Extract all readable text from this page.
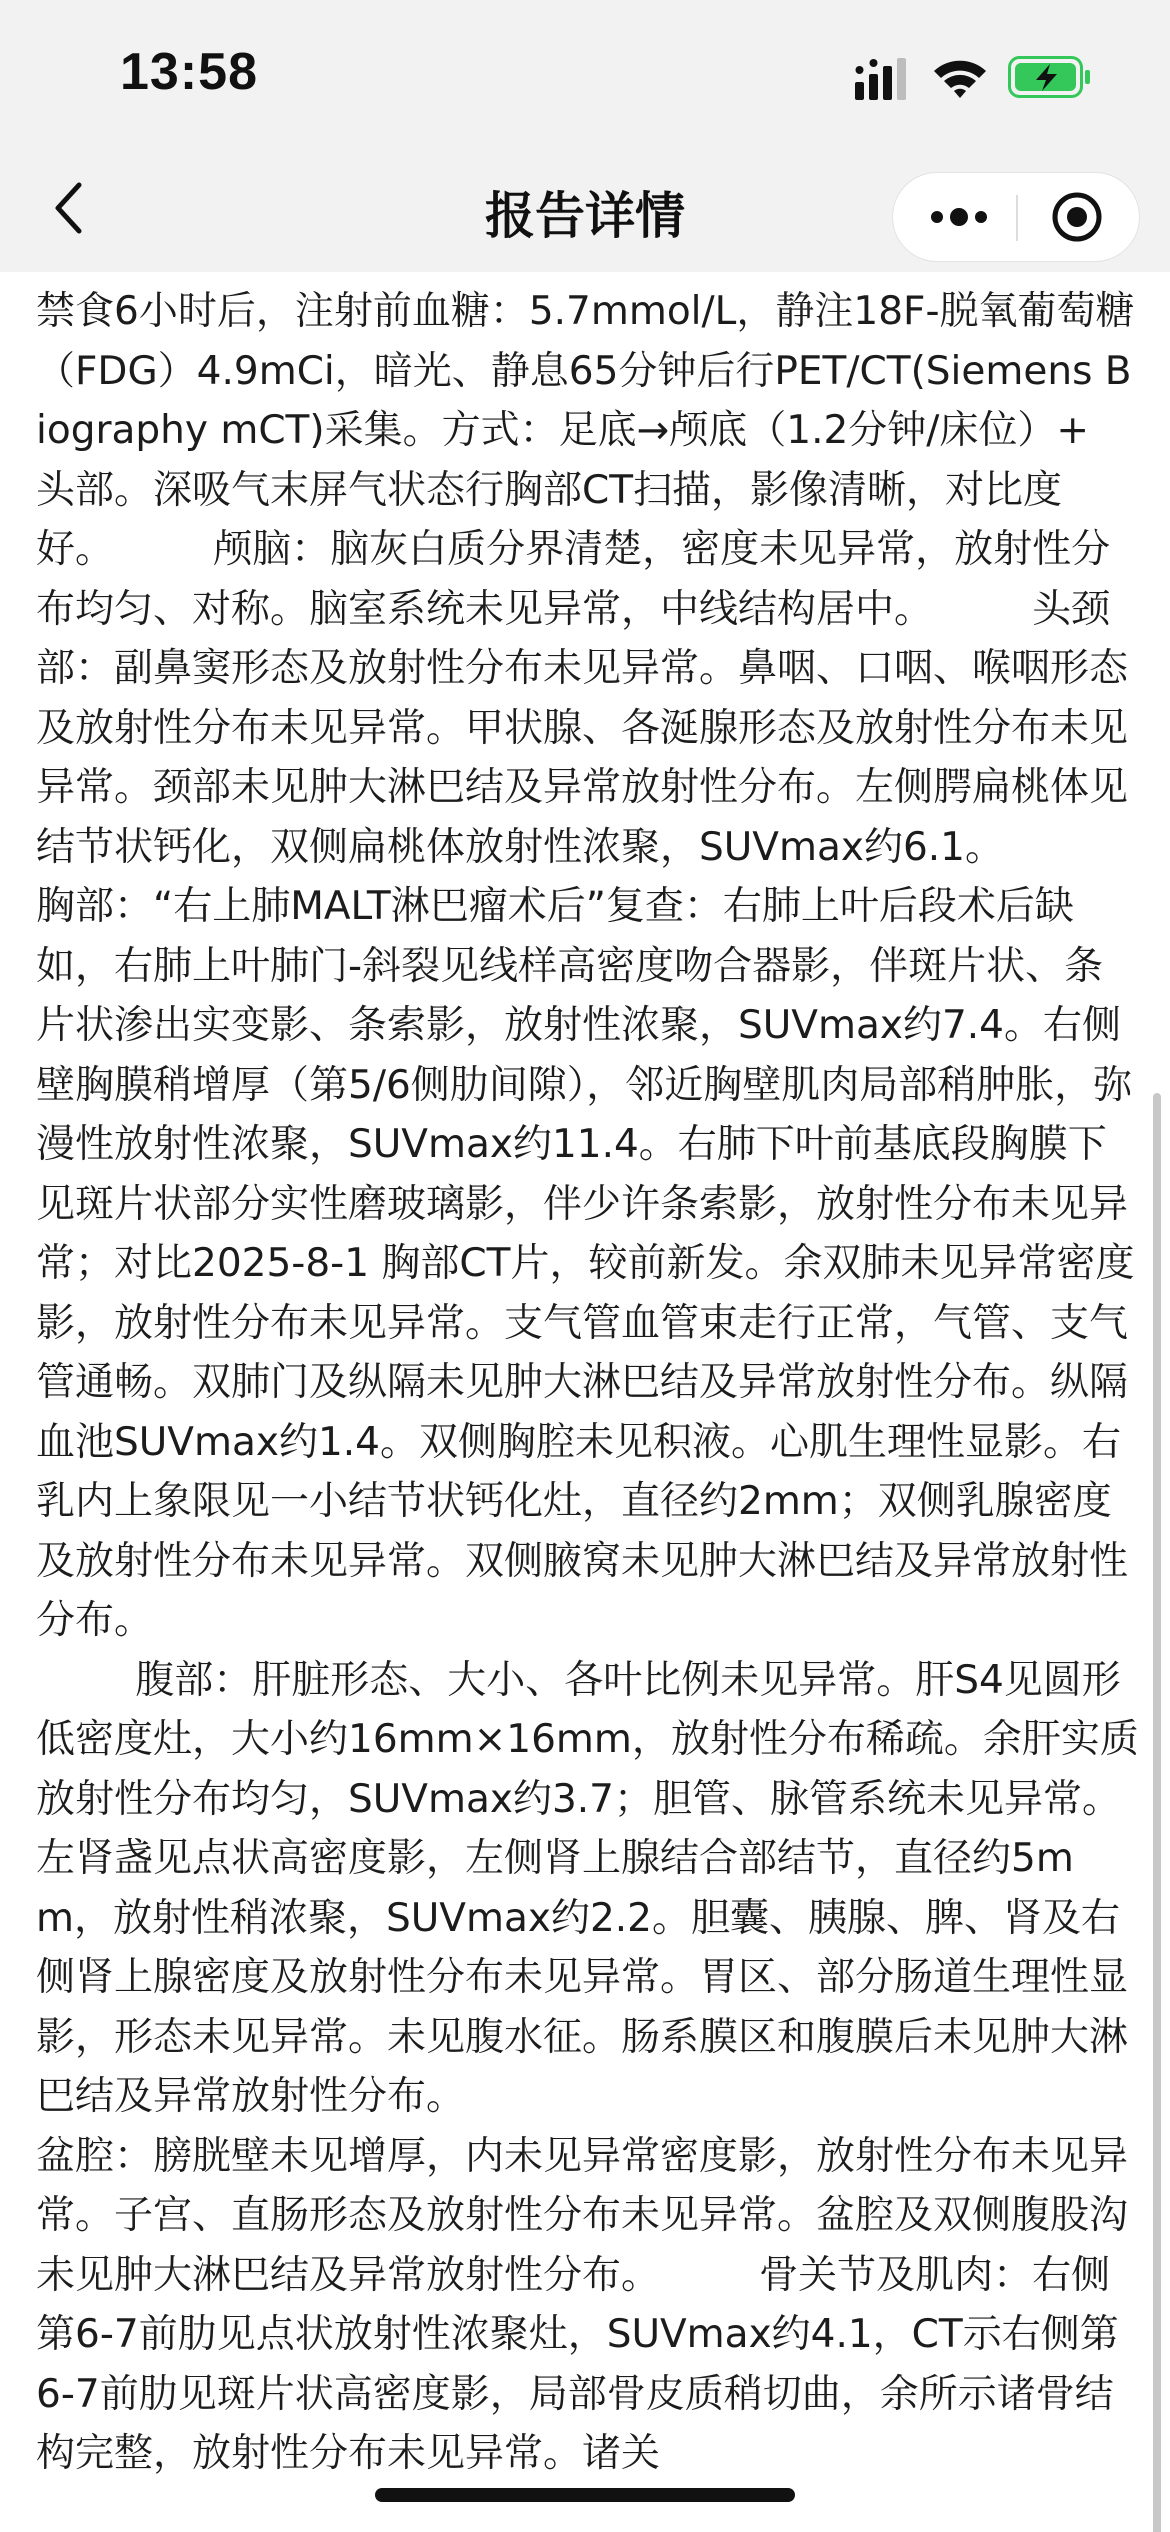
13:58
报告详情

禁食6小时后，注射前血糖：5.7mmol/L，静注18F-脱氧葡萄糖（FDG）4.9mCi，暗光、静息65分钟后行PET/CT(Siemens Biography mCT)采集。方式：足底→颅底（1.2分钟/床位）+ 头部。深吸气末屏气状态行胸部CT扫描，影像清晰，对比度好。        颅脑：脑灰白质分界清楚，密度未见异常，放射性分布均匀、对称。脑室系统未见异常，中线结构居中。        头颈部：副鼻窦形态及放射性分布未见异常。鼻咽、口咽、喉咽形态及放射性分布未见异常。甲状腺、各涎腺形态及放射性分布未见异常。颈部未见肿大淋巴结及异常放射性分布。左侧腭扁桃体见结节状钙化，双侧扁桃体放射性浓聚，SUVmax约6.1。        胸部：“右上肺MALT淋巴瘤术后”复查：右肺上叶后段术后缺如，右肺上叶肺门-斜裂见线样高密度吻合器影，伴斑片状、条片状渗出实变影、条索影，放射性浓聚，SUVmax约7.4。右侧壁胸膜稍增厚（第5/6侧肋间隙），邻近胸壁肌肉局部稍肿胀，弥漫性放射性浓聚，SUVmax约11.4。右肺下叶前基底段胸膜下见斑片状部分实性磨玻璃影，伴少许条索影，放射性分布未见异常；对比2025-8-1 胸部CT片，较前新发。余双肺未见异常密度影，放射性分布未见异常。支气管血管束走行正常，气管、支气管通畅。双肺门及纵隔未见肿大淋巴结及异常放射性分布。纵隔血池SUVmax约1.4。双侧胸腔未见积液。心肌生理性显影。右乳内上象限见一小结节状钙化灶，直径约2mm；双侧乳腺密度及放射性分布未见异常。双侧腋窝未见肿大淋巴结及异常放射性分布。
腹部：肝脏形态、大小、各叶比例未见异常。肝S4见圆形低密度灶，大小约16mm×16mm，放射性分布稀疏。余肝实质放射性分布均匀，SUVmax约3.7；胆管、脉管系统未见异常。左肾盏见点状高密度影，左侧肾上腺结合部结节，直径约5mm，放射性稍浓聚，SUVmax约2.2。胆囊、胰腺、脾、肾及右侧肾上腺密度及放射性分布未见异常。胃区、部分肠道生理性显影，形态未见异常。未见腹水征。肠系膜区和腹膜后未见肿大淋巴结及异常放射性分布。
盆腔：膀胱壁未见增厚，内未见异常密度影，放射性分布未见异常。子宫、直肠形态及放射性分布未见异常。盆腔及双侧腹股沟未见肿大淋巴结及异常放射性分布。        骨关节及肌肉：右侧第6-7前肋见点状放射性浓聚灶，SUVmax约4.1，CT示右侧第6-7前肋见斑片状高密度影，局部骨皮质稍切曲，余所示诸骨结构完整，放射性分布未见异常。诸关
